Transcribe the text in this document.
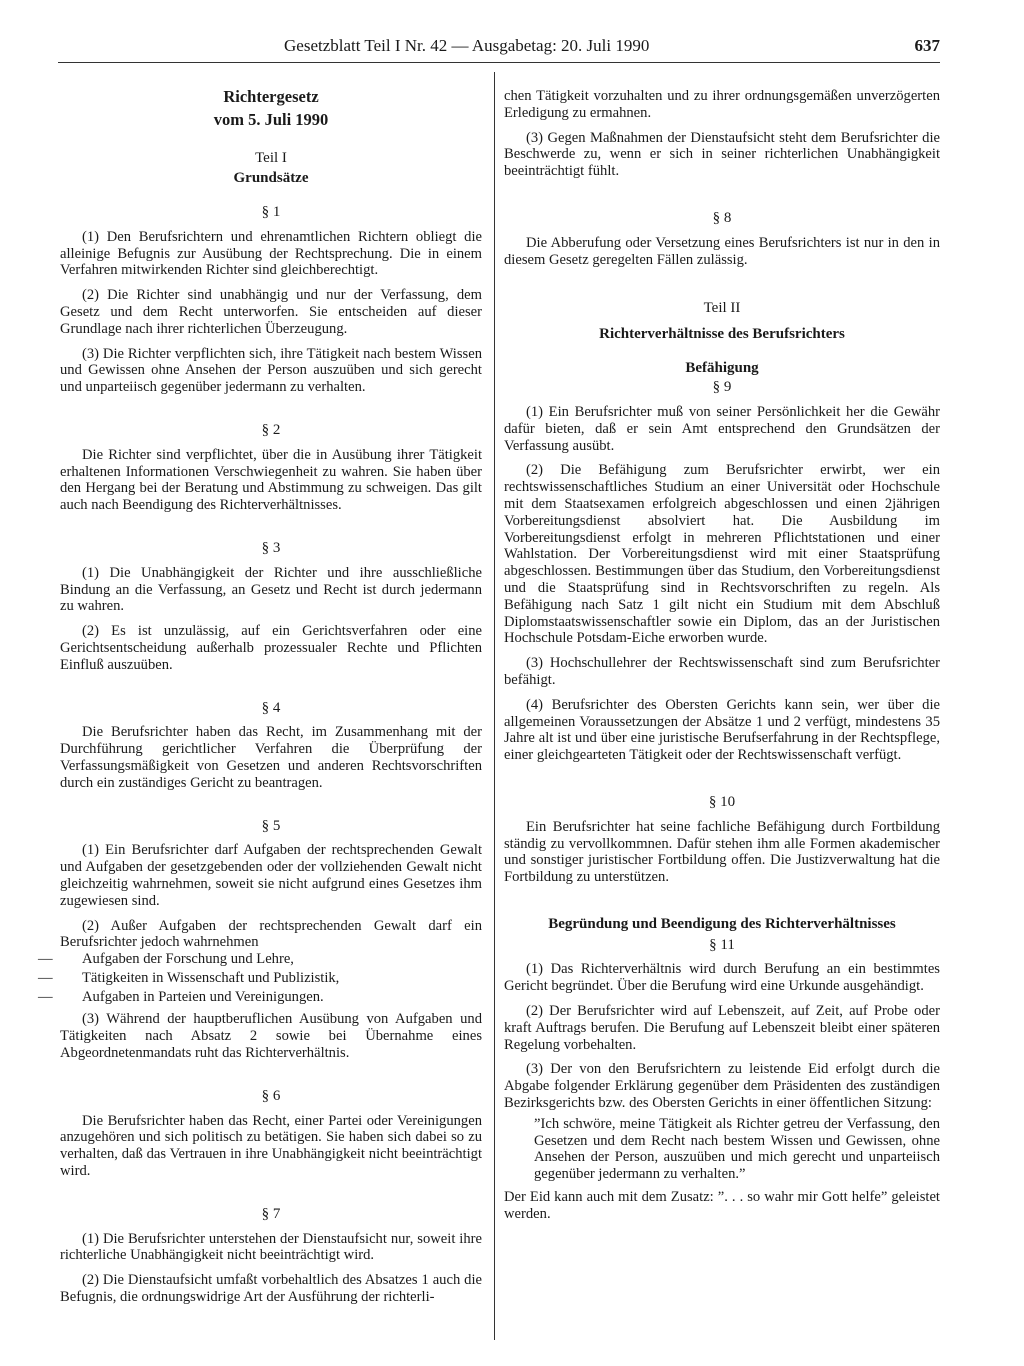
Gesetzblatt Teil I Nr. 42 — Ausgabetag: 20. Juli 1990	637
Richtergesetz
vom 5. Juli 1990
Teil I
Grundsätze
§ 1

(1) Den Berufsrichtern und ehrenamtlichen Richtern obliegt die alleinige Befugnis zur Ausübung der Rechtsprechung. Die in einem Verfahren mitwirkenden Richter sind gleichberechtigt.

(2) Die Richter sind unabhängig und nur der Verfassung, dem Gesetz und dem Recht unterworfen. Sie entscheiden auf dieser Grundlage nach ihrer richterlichen Überzeugung.

(3) Die Richter verpflichten sich, ihre Tätigkeit nach bestem Wissen und Gewissen ohne Ansehen der Person auszuüben und sich gerecht und unparteiisch gegenüber jedermann zu verhalten.

§ 2

Die Richter sind verpflichtet, über die in Ausübung ihrer Tätigkeit erhaltenen Informationen Verschwiegenheit zu wahren. Sie haben über den Hergang bei der Beratung und Abstimmung zu schweigen. Das gilt auch nach Beendigung des Richterverhältnisses.

§ 3

(1) Die Unabhängigkeit der Richter und ihre ausschließliche Bindung an die Verfassung, an Gesetz und Recht ist durch jedermann zu wahren.

(2) Es ist unzulässig, auf ein Gerichtsverfahren oder eine Gerichtsentscheidung außerhalb prozessualer Rechte und Pflichten Einfluß auszuüben.

§ 4

Die Berufsrichter haben das Recht, im Zusammenhang mit der Durchführung gerichtlicher Verfahren die Überprüfung der Verfassungsmäßigkeit von Gesetzen und anderen Rechtsvorschriften durch ein zuständiges Gericht zu beantragen.

§ 5

(1) Ein Berufsrichter darf Aufgaben der rechtsprechenden Gewalt und Aufgaben der gesetzgebenden oder der vollziehenden Gewalt nicht gleichzeitig wahrnehmen, soweit sie nicht aufgrund eines Gesetzes ihm zugewiesen sind.

(2) Außer Aufgaben der rechtsprechenden Gewalt darf ein Berufsrichter jedoch wahrnehmen

—	Aufgaben der Forschung und Lehre,
—	Tätigkeiten in Wissenschaft und Publizistik,
—	Aufgaben in Parteien und Vereinigungen.

(3) Während der hauptberuflichen Ausübung von Aufgaben und Tätigkeiten nach Absatz 2 sowie bei Übernahme eines Abgeordnetenmandats ruht das Richterverhältnis.

§ 6

Die Berufsrichter haben das Recht, einer Partei oder Vereinigungen anzugehören und sich politisch zu betätigen. Sie haben sich dabei so zu verhalten, daß das Vertrauen in ihre Unabhängigkeit nicht beeinträchtigt wird.

§ 7

(1) Die Berufsrichter unterstehen der Dienstaufsicht nur, soweit ihre richterliche Unabhängigkeit nicht beeinträchtigt wird.

(2) Die Dienstaufsicht umfaßt vorbehaltlich des Absatzes 1 auch die Befugnis, die ordnungswidrige Art der Ausführung der richterli-

chen Tätigkeit vorzuhalten und zu ihrer ordnungsgemäßen unverzögerten Erledigung zu ermahnen.

(3) Gegen Maßnahmen der Dienstaufsicht steht dem Berufsrichter die Beschwerde zu, wenn er sich in seiner richterlichen Unabhängigkeit beeinträchtigt fühlt.

§ 8

Die Abberufung oder Versetzung eines Berufsrichters ist nur in den in diesem Gesetz geregelten Fällen zulässig.

Teil II
Richterverhältnisse des Berufsrichters
Befähigung
§ 9

(1) Ein Berufsrichter muß von seiner Persönlichkeit her die Gewähr dafür bieten, daß er sein Amt entsprechend den Grundsätzen der Verfassung ausübt.

(2) Die Befähigung zum Berufsrichter erwirbt, wer ein rechtswissenschaftliches Studium an einer Universität oder Hochschule mit dem Staatsexamen erfolgreich abgeschlossen und einen 2jährigen Vorbereitungsdienst absolviert hat. Die Ausbildung im Vorbereitungsdienst erfolgt in mehreren Pflichtstationen und einer Wahlstation. Der Vorbereitungsdienst wird mit einer Staatsprüfung abgeschlossen. Bestimmungen über das Studium, den Vorbereitungsdienst und die Staatsprüfung sind in Rechtsvorschriften zu regeln. Als Befähigung nach Satz 1 gilt nicht ein Studium mit dem Abschluß Diplomstaatswissenschaftler sowie ein Diplom, das an der Juristischen Hochschule Potsdam-Eiche erworben wurde.

(3) Hochschullehrer der Rechtswissenschaft sind zum Berufsrichter befähigt.

(4) Berufsrichter des Obersten Gerichts kann sein, wer über die allgemeinen Voraussetzungen der Absätze 1 und 2 verfügt, mindestens 35 Jahre alt ist und über eine juristische Berufserfahrung in der Rechtspflege, einer gleichgearteten Tätigkeit oder der Rechtswissenschaft verfügt.

§ 10

Ein Berufsrichter hat seine fachliche Befähigung durch Fortbildung ständig zu vervollkommnen. Dafür stehen ihm alle Formen akademischer und sonstiger juristischer Fortbildung offen. Die Justizverwaltung hat die Fortbildung zu unterstützen.

Begründung und Beendigung des Richterverhältnisses
§ 11

(1) Das Richterverhältnis wird durch Berufung an ein bestimmtes Gericht begründet. Über die Berufung wird eine Urkunde ausgehändigt.

(2) Der Berufsrichter wird auf Lebenszeit, auf Zeit, auf Probe oder kraft Auftrags berufen. Die Berufung auf Lebenszeit bleibt einer späteren Regelung vorbehalten.

(3) Der von den Berufsrichtern zu leistende Eid erfolgt durch die Abgabe folgender Erklärung gegenüber dem Präsidenten des zuständigen Bezirksgerichts bzw. des Obersten Gerichts in einer öffentlichen Sitzung:

”Ich schwöre, meine Tätigkeit als Richter getreu der Verfassung, den Gesetzen und dem Recht nach bestem Wissen und Gewissen, ohne Ansehen der Person, auszuüben und mich gerecht und unparteiisch gegenüber jedermann zu verhalten.”

Der Eid kann auch mit dem Zusatz: ”. . . so wahr mir Gott helfe” geleistet werden.
